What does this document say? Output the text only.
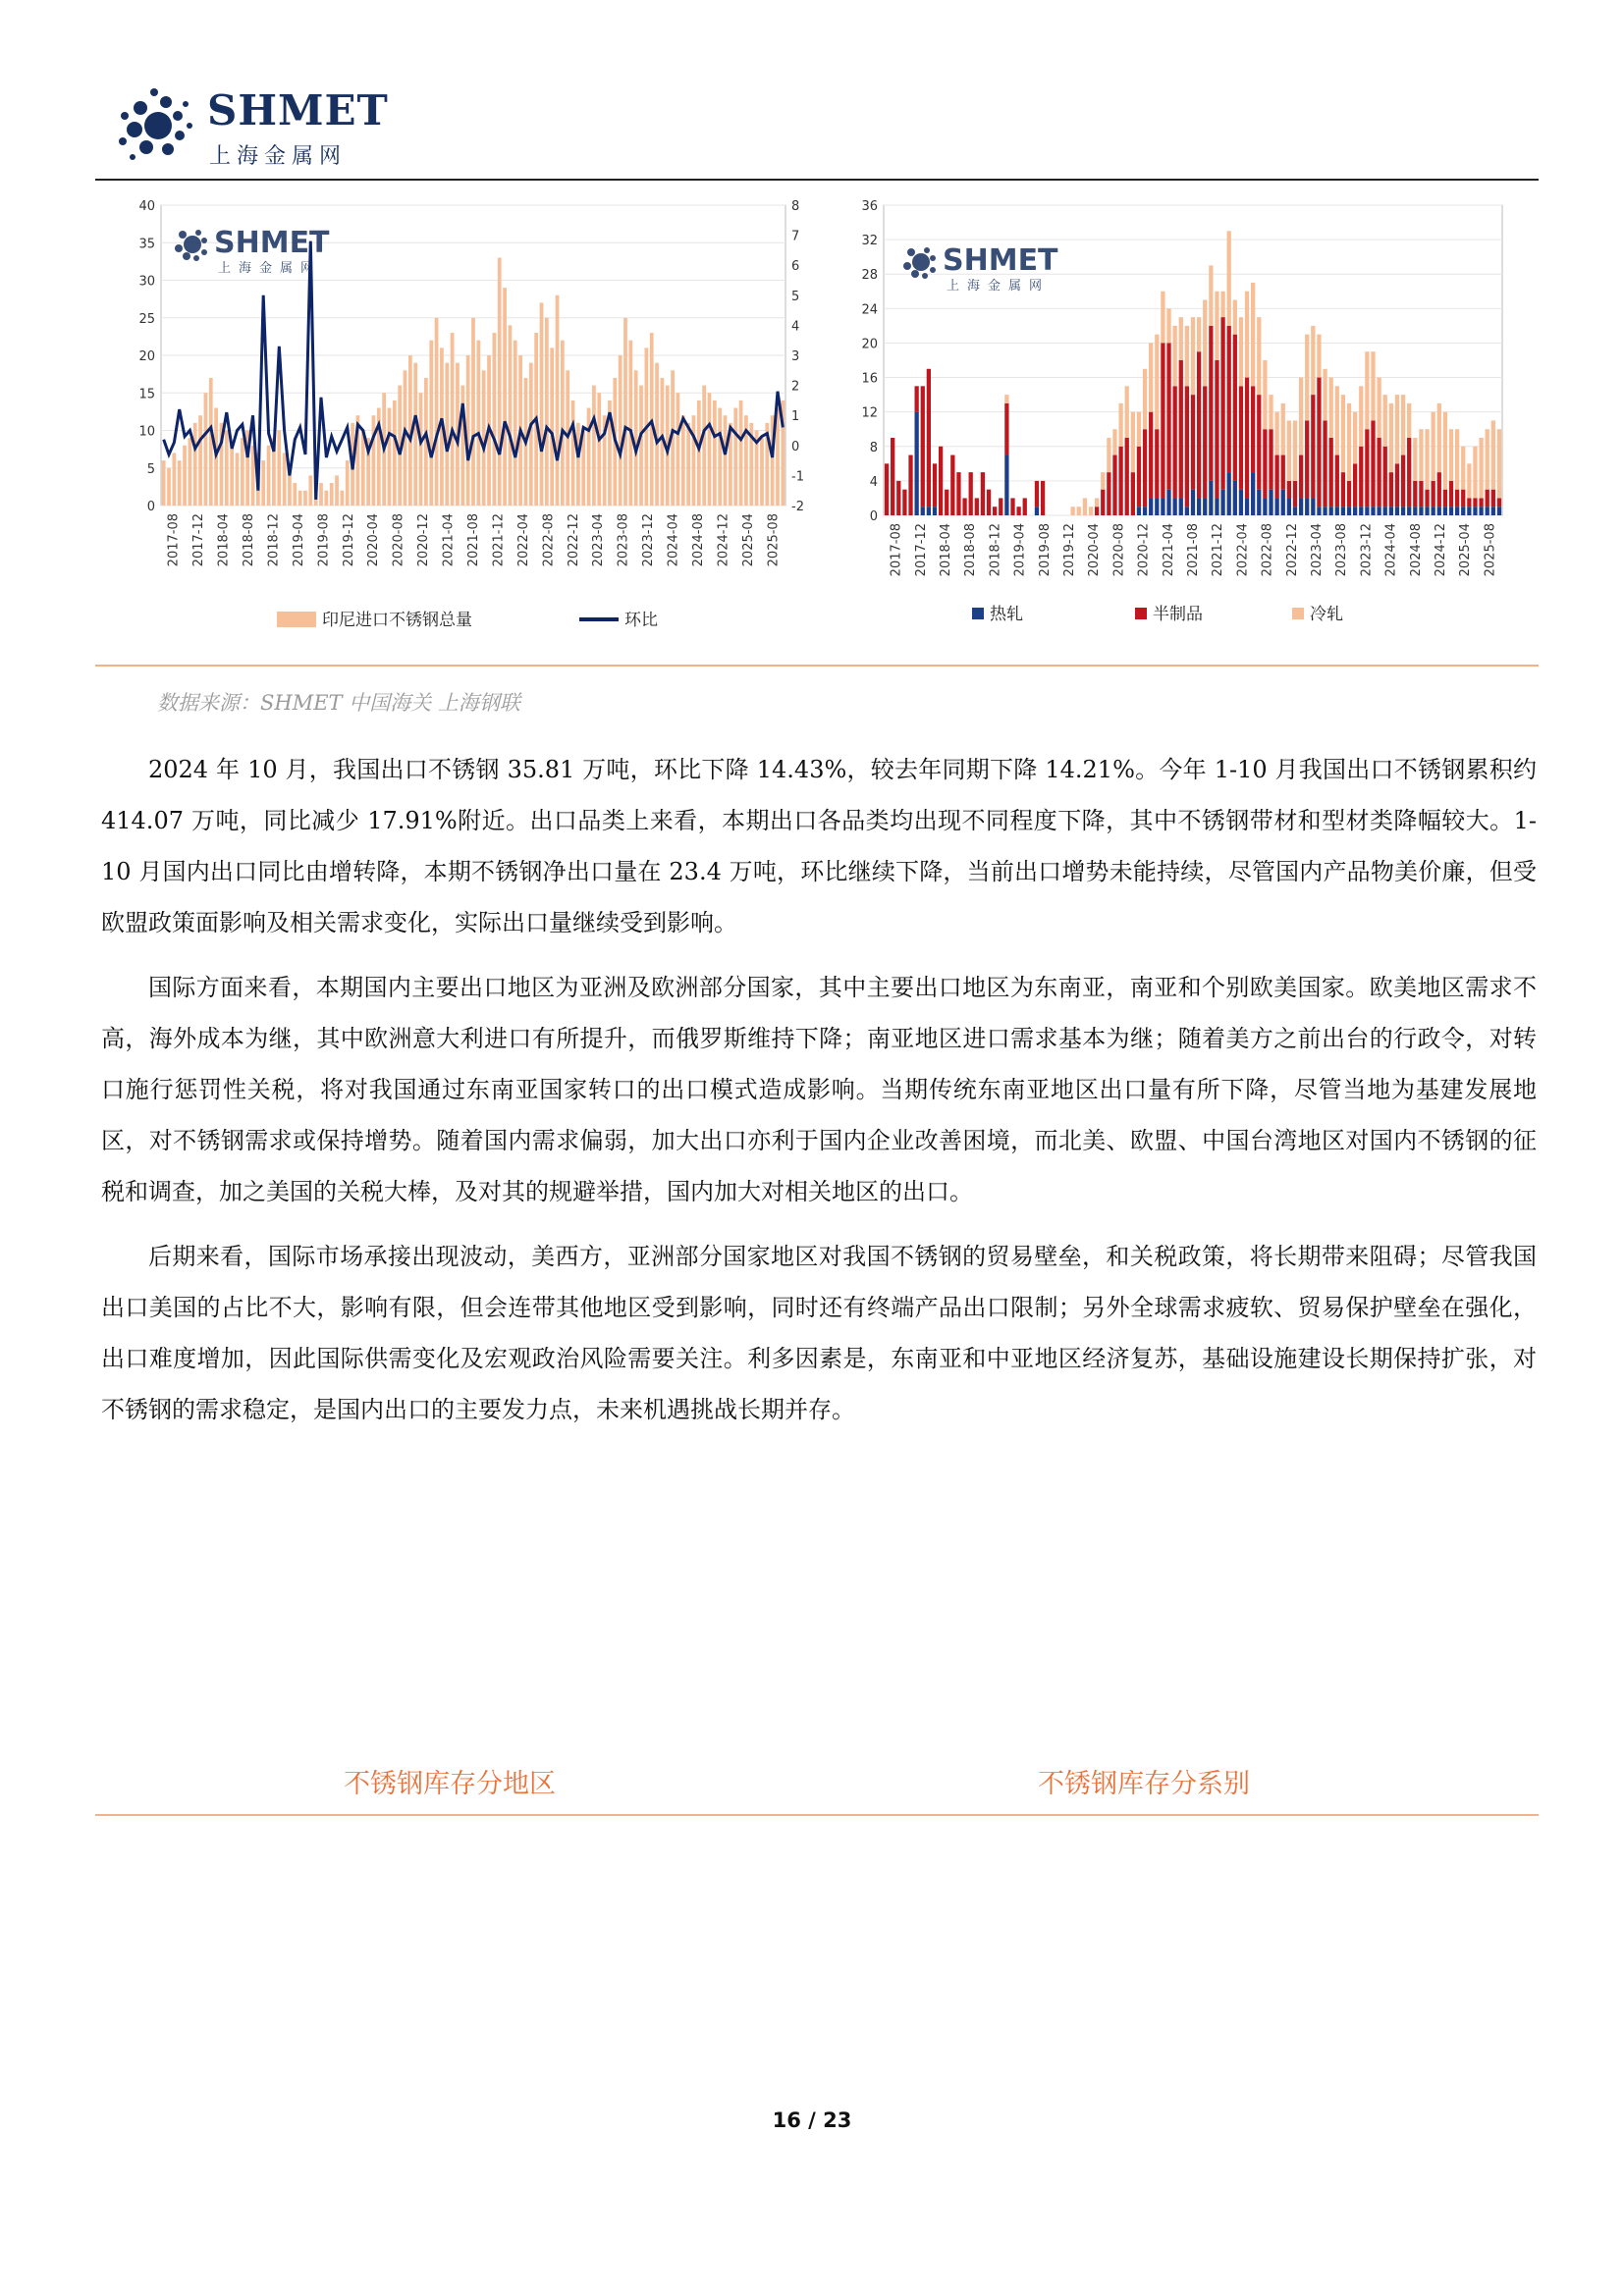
SHMET
上海金属网
0
5
10
15
20
25
30
35
40
-2
-1
0
1
2
3
4
5
6
7
8
2017-08 2017-12 2018-04 2018-08 2018-12 2019-04 2019-08 2019-12 2020-04 2020-08 2020-12 2021-04 2021-08 2021-12 2022-04 2022-08 2022-12 2023-04 2023-08 2023-12 2024-04 2024-08 2024-12 2025-04 2025-08
SHMET
上海金属网
印尼进口不锈钢总量	环比
0
4
8
12
16
20
24
28
32
36
2017-08 2017-12 2018-04 2018-08 2018-12 2019-04 2019-08 2019-12 2020-04 2020-08 2020-12 2021-04 2021-08 2021-12 2022-04 2022-08 2022-12 2023-04 2023-08 2023-12 2024-04 2024-08 2024-12 2025-04 2025-08
SHMET
上海金属网
热轧	半制品	冷轧
数据来源：SHMET 中国海关 上海钢联

2024 年 10 月，我国出口不锈钢 35.81 万吨，环比下降 14.43%，较去年同期下降 14.21%。今年 1-10 月我国出口不锈钢累积约 414.07 万吨，同比减少 17.91%附近。出口品类上来看，本期出口各品类均出现不同程度下降，其中不锈钢带材和型材类降幅较大。1-10 月国内出口同比由增转降，本期不锈钢净出口量在 23.4 万吨，环比继续下降，当前出口增势未能持续，尽管国内产品物美价廉，但受欧盟政策面影响及相关需求变化，实际出口量继续受到影响。

国际方面来看，本期国内主要出口地区为亚洲及欧洲部分国家，其中主要出口地区为东南亚，南亚和个别欧美国家。欧美地区需求不高，海外成本为继，其中欧洲意大利进口有所提升，而俄罗斯维持下降；南亚地区进口需求基本为继；随着美方之前出台的行政令，对转口施行惩罚性关税，将对我国通过东南亚国家转口的出口模式造成影响。当期传统东南亚地区出口量有所下降，尽管当地为基建发展地区，对不锈钢需求或保持增势。随着国内需求偏弱，加大出口亦利于国内企业改善困境，而北美、欧盟、中国台湾地区对国内不锈钢的征税和调查，加之美国的关税大棒，及对其的规避举措，国内加大对相关地区的出口。

后期来看，国际市场承接出现波动，美西方，亚洲部分国家地区对我国不锈钢的贸易壁垒，和关税政策，将长期带来阻碍；尽管我国出口美国的占比不大，影响有限，但会连带其他地区受到影响，同时还有终端产品出口限制；另外全球需求疲软、贸易保护壁垒在强化，出口难度增加，因此国际供需变化及宏观政治风险需要关注。利多因素是，东南亚和中亚地区经济复苏，基础设施建设长期保持扩张，对不锈钢的需求稳定，是国内出口的主要发力点，未来机遇挑战长期并存。

不锈钢库存分地区	不锈钢库存分系别
16 / 23
